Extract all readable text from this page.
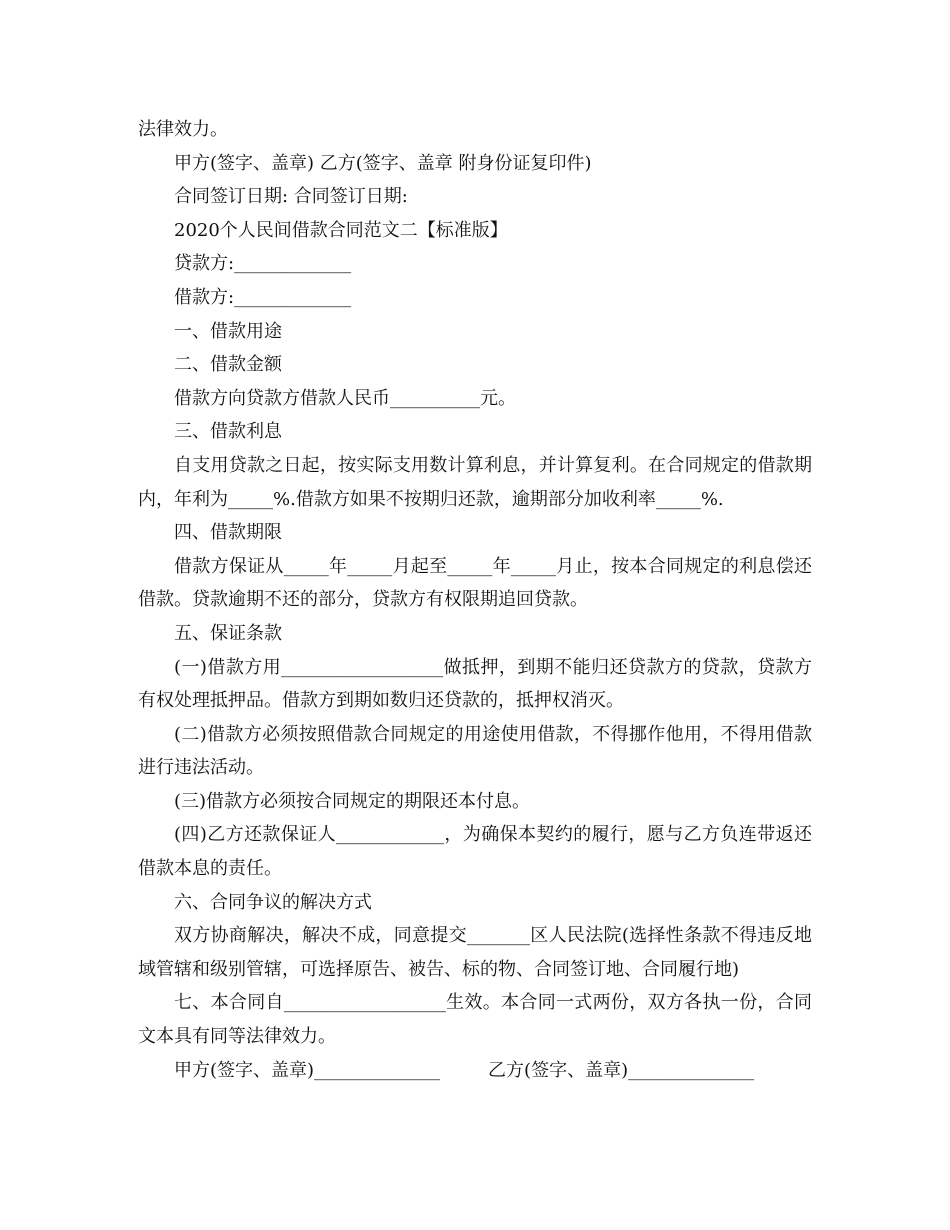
法律效力。

甲方(签字、盖章) 乙方(签字、盖章 附身份证复印件)

合同签订日期: 合同签订日期:

2020个人民间借款合同范文二【标准版】

贷款方:_____________

借款方:_____________

一、借款用途

二、借款金额

借款方向贷款方借款人民币__________元。

三、借款利息

自支用贷款之日起，按实际支用数计算利息，并计算复利。在合同规定的借款期内，年利为_____%.借款方如果不按期归还款，逾期部分加收利率_____%.

四、借款期限

借款方保证从_____年_____月起至_____年_____月止，按本合同规定的利息偿还借款。贷款逾期不还的部分，贷款方有权限期追回贷款。

五、保证条款

(一)借款方用__________________做抵押，到期不能归还贷款方的贷款，贷款方有权处理抵押品。借款方到期如数归还贷款的，抵押权消灭。

(二)借款方必须按照借款合同规定的用途使用借款，不得挪作他用，不得用借款进行违法活动。

(三)借款方必须按合同规定的期限还本付息。

(四)乙方还款保证人____________，为确保本契约的履行，愿与乙方负连带返还借款本息的责任。

六、合同争议的解决方式

双方协商解决，解决不成，同意提交_______区人民法院(选择性条款不得违反地域管辖和级别管辖，可选择原告、被告、标的物、合同签订地、合同履行地)

七、本合同自__________________生效。本合同一式两份，双方各执一份，合同文本具有同等法律效力。

甲方(签字、盖章)______________	乙方(签字、盖章)______________
